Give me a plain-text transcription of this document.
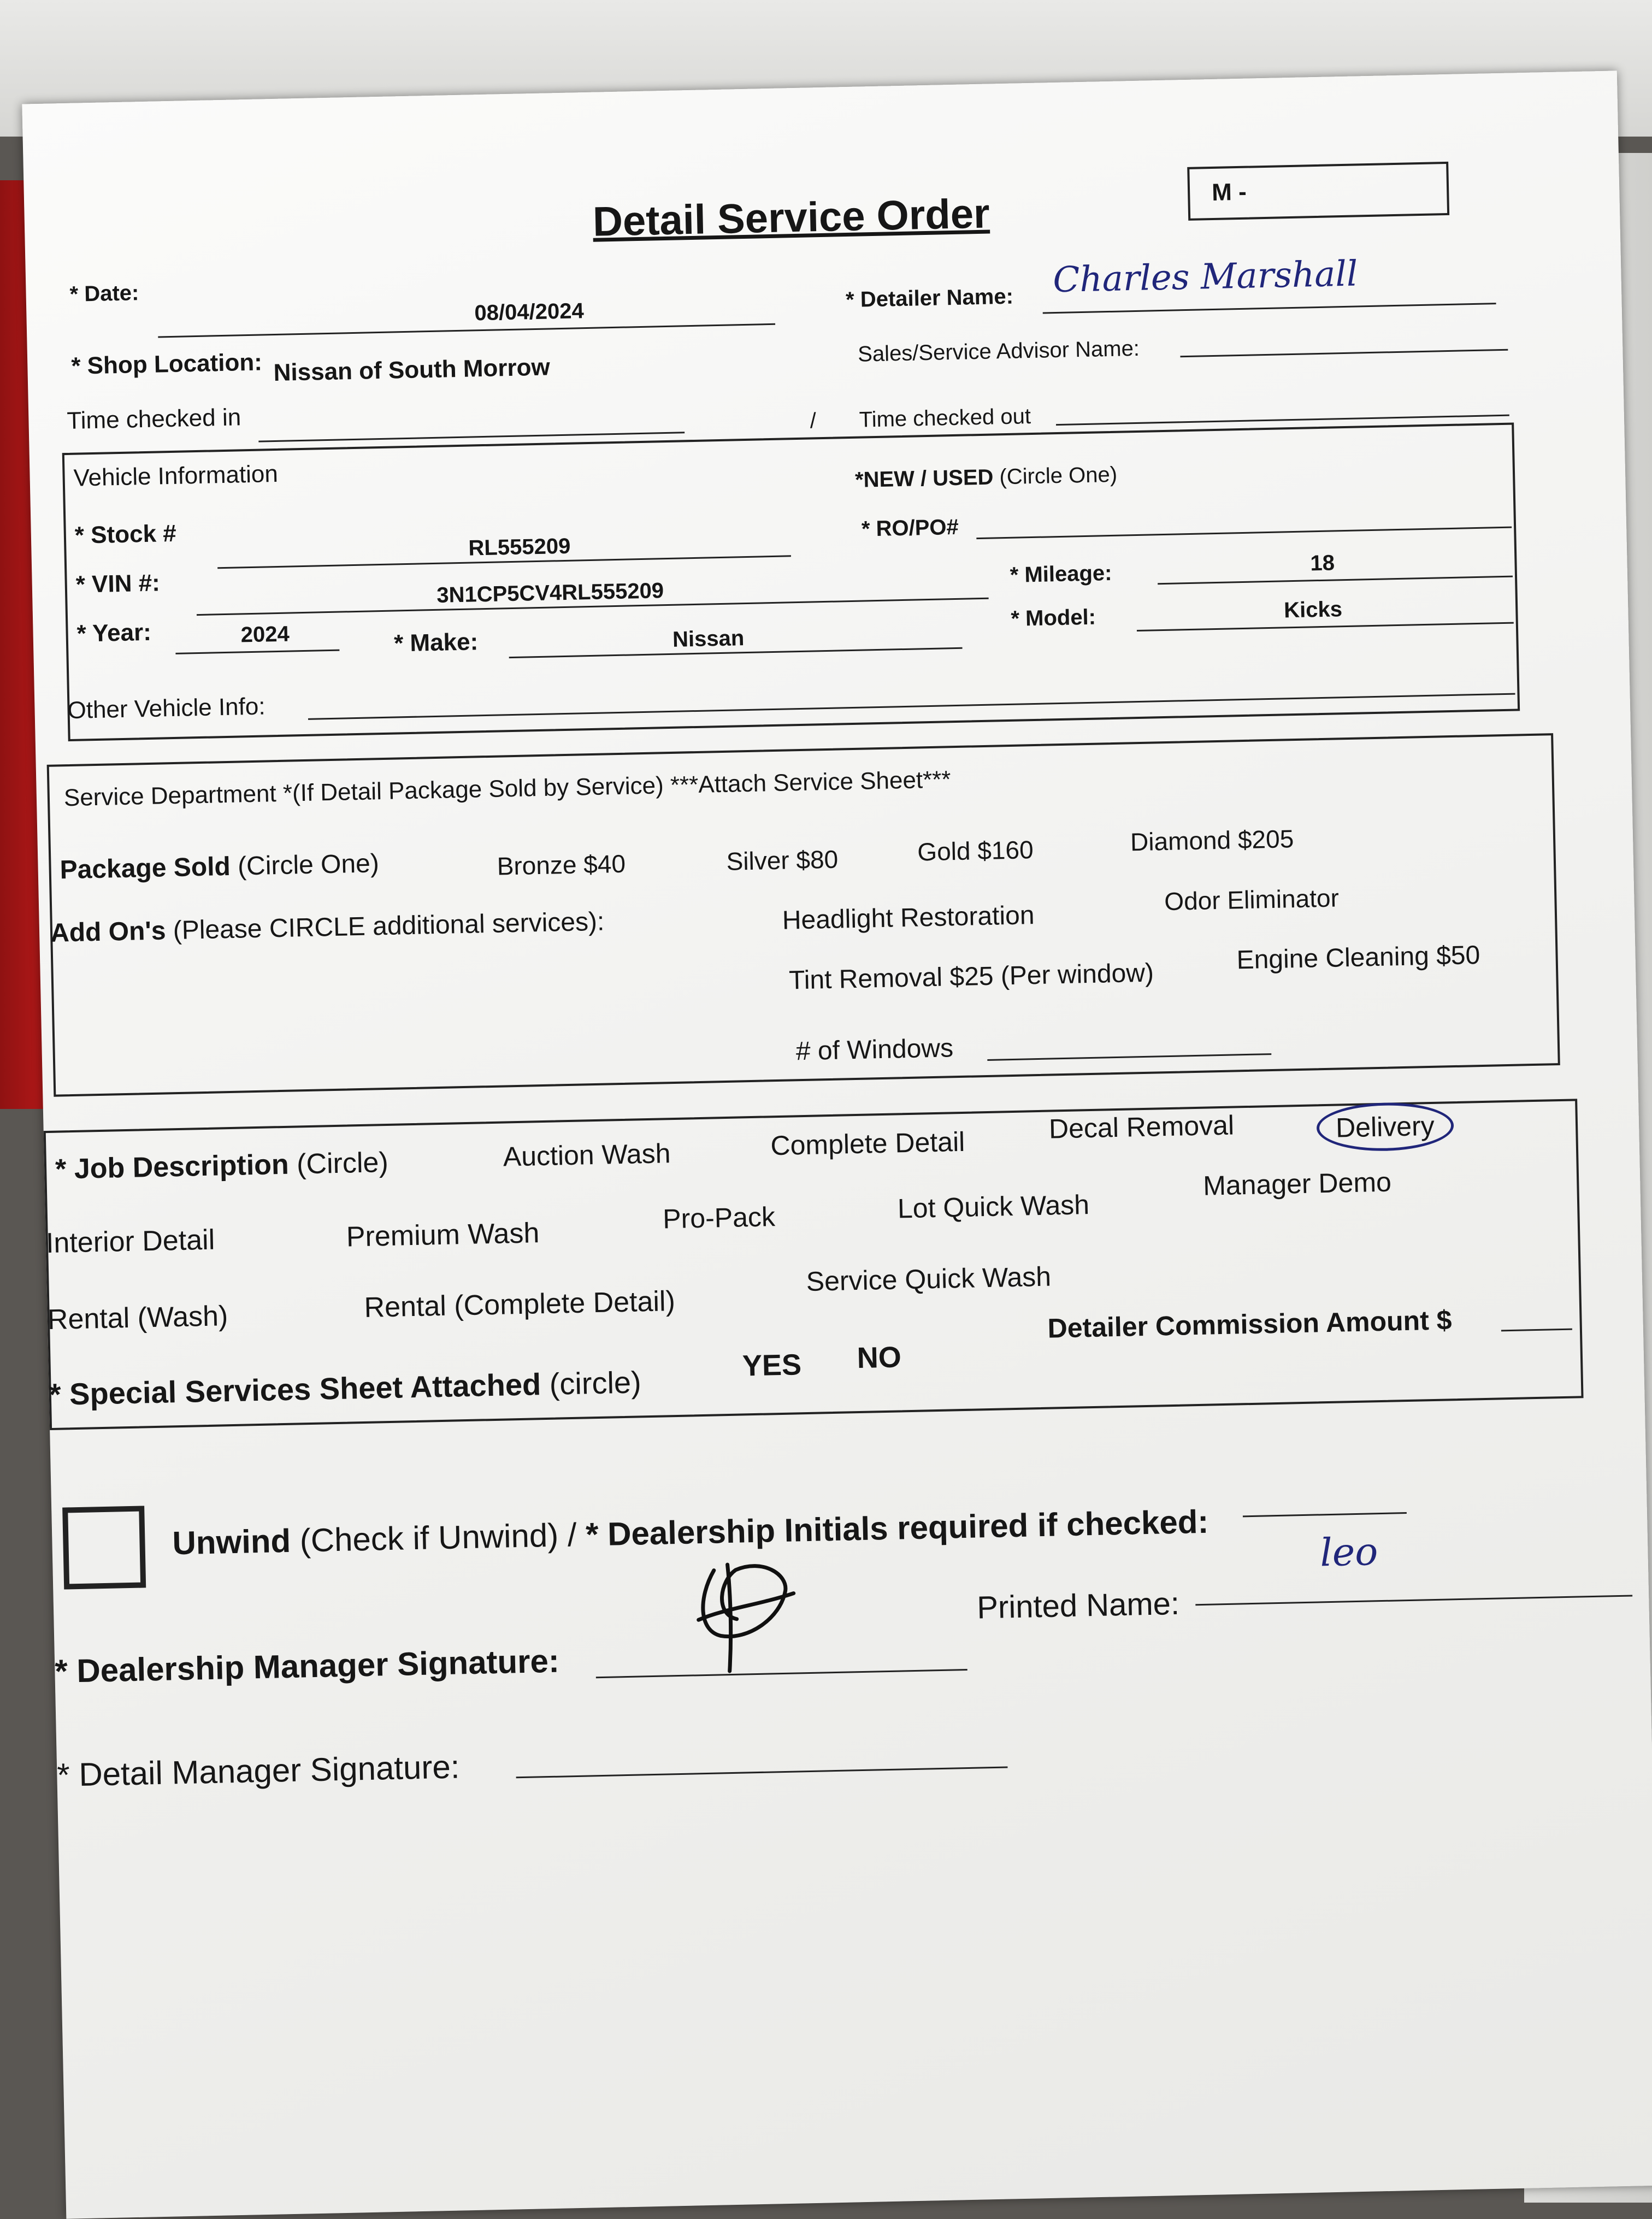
Detail Service Order	M -
* Date:
08/04/2024
* Detailer Name: Charles Marshall
* Shop Location: Nissan of South Morrow
Sales/Service Advisor Name:
Time checked in	/ Time checked out
Vehicle Information	*NEW / USED (Circle One)
* Stock #	RL555209
* RO/PO#
* VIN #:	3N1CP5CV4RL555209
* Mileage:	18
* Year:	2024	* Make:	Nissan
* Model:	Kicks
Other Vehicle Info:
Service Department *(If Detail Package Sold by Service) ***Attach Service Sheet***
Package Sold (Circle One)	Bronze $40	Silver $80	Gold $160	Diamond $205
Add On's (Please CIRCLE additional services):	Headlight Restoration
Odor Eliminator
Tint Removal $25 (Per window)
Engine Cleaning $50
# of Windows
* Job Description (Circle)	Auction Wash	Complete Detail	Decal Removal	Delivery
Interior Detail	Premium Wash	Pro-Pack	Lot Quick Wash
Manager Demo
Rental (Wash)	Rental (Complete Detail)
Service Quick Wash
* Special Services Sheet Attached (circle)	YES NO
Detailer Commission Amount $
Unwind (Check if Unwind) / * Dealership Initials required if checked:
* Dealership Manager Signature:
Printed Name:
leo
* Detail Manager Signature:
